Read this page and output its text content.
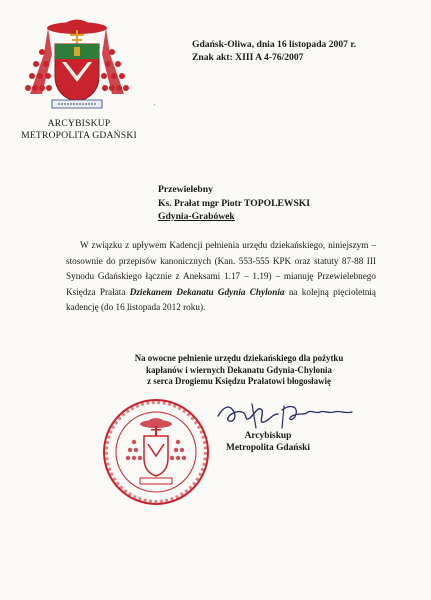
ARCYBISKUP
METROPOLITA GDAŃSKI
Gdańsk-Oliwa, dnia 16 listopada 2007 r.
Znak akt: XIII A 4-76/2007
'
Przewielebny
Ks. Prałat mgr Piotr TOPOLEWSKI
Gdynia-Grabówek

W związku z upływem Kadencji pełnienia urzędu dziekańskiego, niniejszym – stosownie do przepisów kanonicznych (Kan. 553-555 KPK oraz statuty 87-88 III Synodu Gdańskiego łącznie z Aneksami 1.17 – 1.19) – mianuję Przewielebnego Księdza Prałata Dziekanem Dekanatu Gdynia Chylonia na kolejną pięcioletnią kadencję (do 16 listopada 2012 roku).

Na owocne pełnienie urzędu dziekańskiego dla pożytku
kapłanów i wiernych Dekanatu Gdynia-Chylonia
z serca Drogiemu Księdzu Prałatowi błogosławię
Arcybiskup
Metropolita Gdański
